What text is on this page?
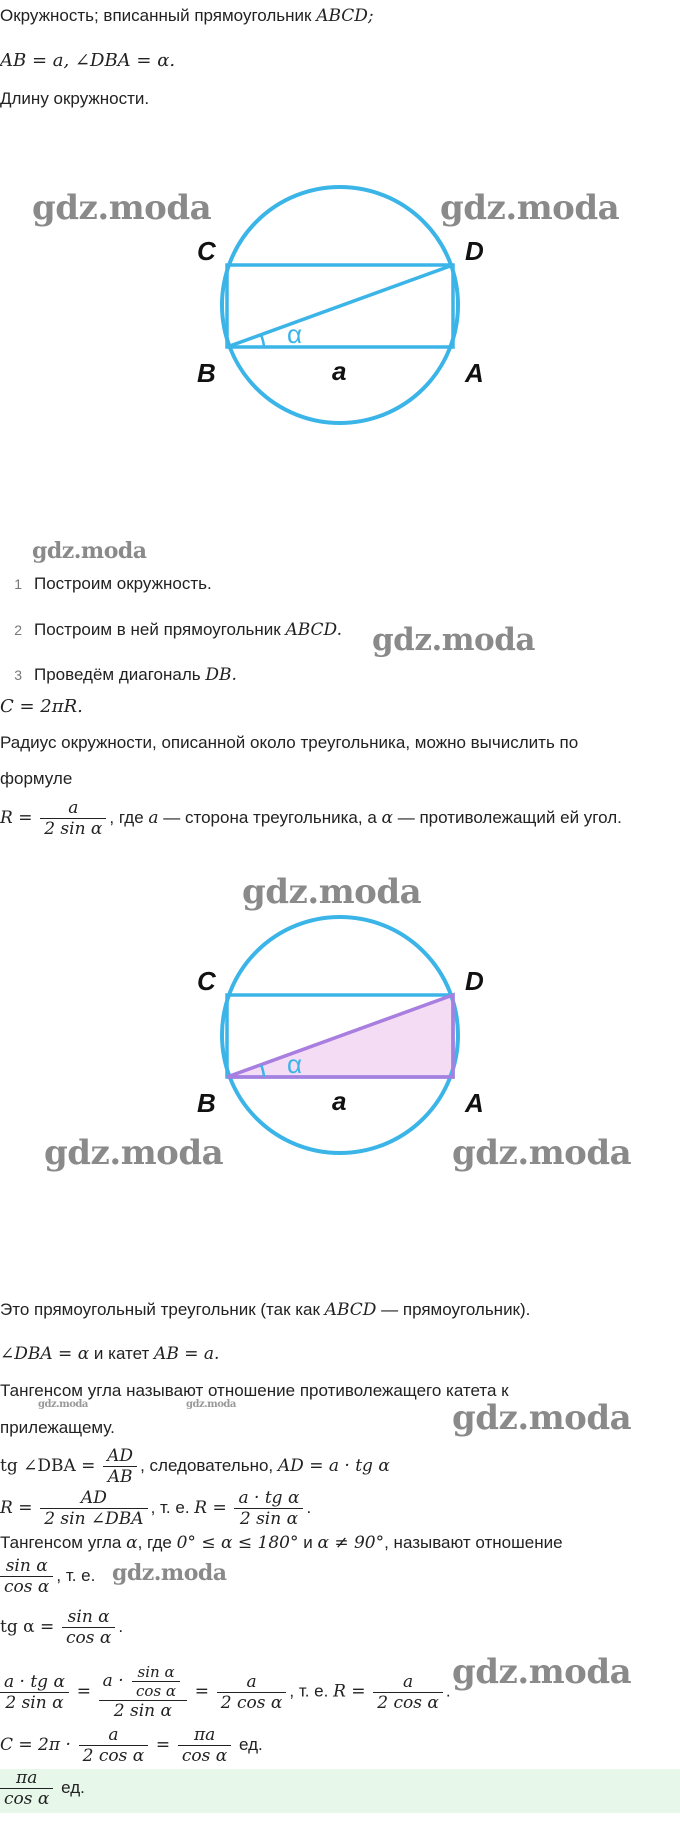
Окружность; вписанный прямоугольник ABCD;
AB = a, ∠DBA = α.
Длину окружности.
C	D
B	A
a
α
gdz.moda	gdz.moda
gdz.moda
1 Построим окружность.
2 Построим в ней прямоугольник ABCD. gdz.moda
3 Проведём диагональ DB.
C = 2πR.
Радиус окружности, описанной около треугольника, можно вычислить по
формуле
$R = \frac{a}{\text{2 sin α}}$ , где a — сторона треугольника, а α — противолежащий ей угол.
gdz.moda
C	D
B	A
a
α
gdz.moda	gdz.moda
Это прямоугольный треугольник (так как ABCD — прямоугольник).
∠DBA = α и катет AB = a.
Тангенсом угла называют отношение противолежащего катета к
gdz.moda	gdz.moda
прилежащему.	gdz.moda
tg ∠DBA = $\frac{AD}{AB}$ , следовательно, AD = a · tg α
$R = \frac{AD}{\text{2 sin ∠DBA}}$ , т. е. $R = \frac{\text{a · tg α}}{\text{2 sin α}}$ .
Тангенсом угла α, где 0° ≤ α ≤ 180° и α ≠ 90°, называют отношение
$\frac{\text{sin α}}{\text{cos α}}$ , т. е. gdz.moda
tg $\alpha = \frac{\text{sin α}}{\text{cos α}}$ .
gdz.moda
$\frac{\text{a · tg α}}{\text{2 sin α}} = \frac{a \cdot \frac{\text{sin α}}{\text{cos α}}}{\text{2 sin α}} = \frac{a}{\text{2 cos α}}$ , т. е. $R = \frac{a}{\text{2 cos α}}$ .
$C = 2\pi \cdot \frac{a}{\text{2 cos α}} = \frac{\pi a}{\text{cos α}}$ ед.
$\frac{\pi a}{\text{cos α}}$ ед.
